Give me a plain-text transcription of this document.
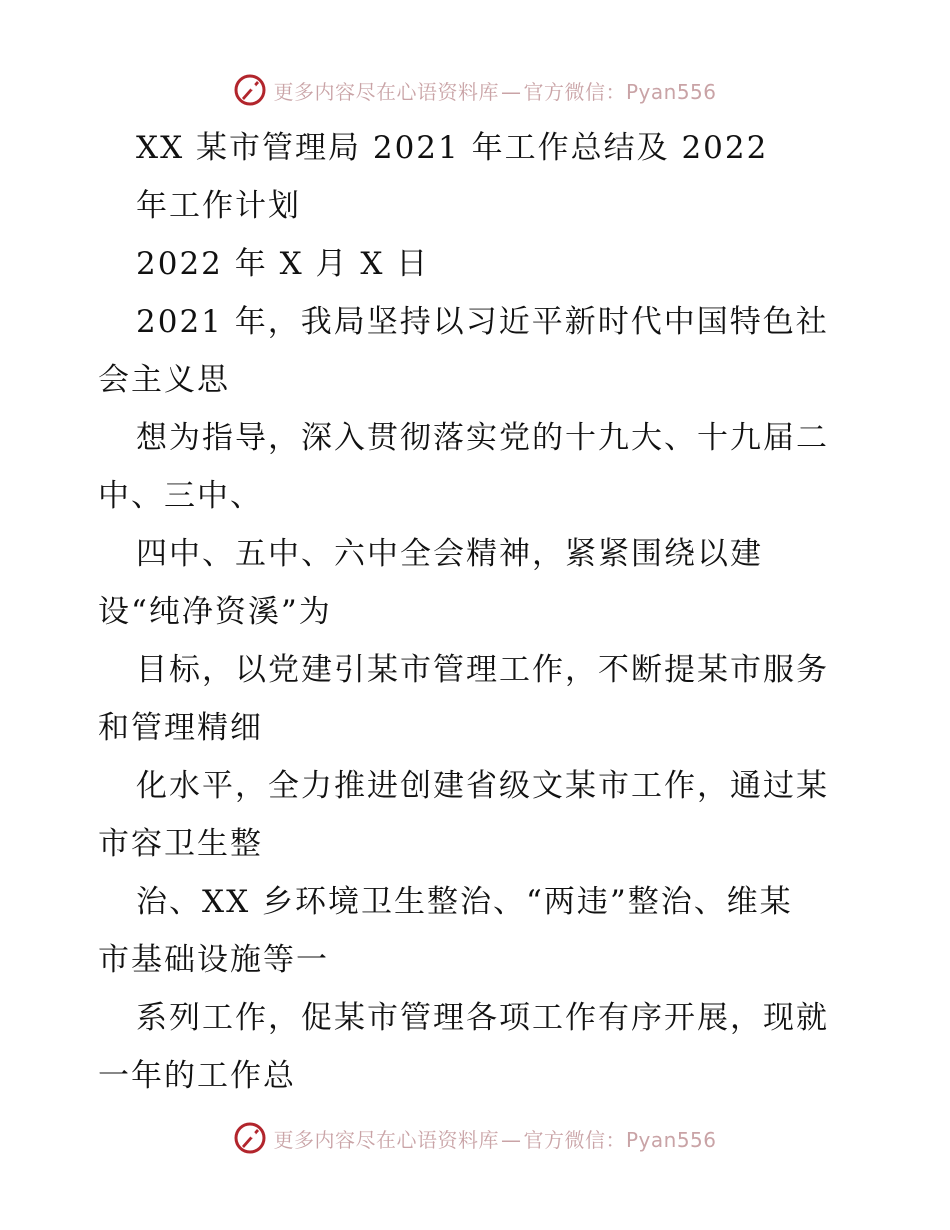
更多内容尽在心语资料库 — 官方微信：Pyan556
XX 某市管理局 2021 年工作总结及 2022
年工作计划
2022 年 X 月 X 日
2021 年，我局坚持以习近平新时代中国特色社
会主义思
想为指导，深入贯彻落实党的十九大、十九届二
中、三中、
四中、五中、六中全会精神，紧紧围绕以建
设“纯净资溪”为
目标，以党建引某市管理工作，不断提某市服务
和管理精细
化水平，全力推进创建省级文某市工作，通过某
市容卫生整
治、XX 乡环境卫生整治、“两违”整治、维某
市基础设施等一
系列工作，促某市管理各项工作有序开展，现就
一年的工作总
更多内容尽在心语资料库 — 官方微信：Pyan556
